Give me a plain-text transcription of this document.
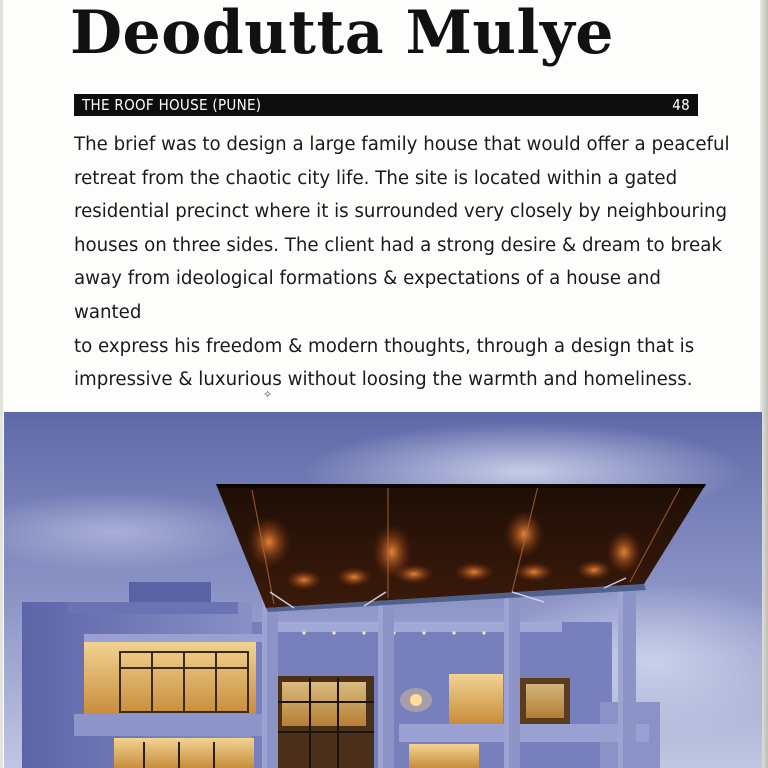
Deodutta Mulye
THE ROOF HOUSE (PUNE)	48

The brief was to design a large family house that would offer a peaceful
retreat from the chaotic city life. The site is located within a gated
residential precinct where it is surrounded very closely by neighbouring
houses on three sides. The client had a strong desire & dream to break
away from ideological formations & expectations of a house and wanted
to express his freedom & modern thoughts, through a design that is
impressive & luxurious without loosing the warmth and homeliness.

✧
